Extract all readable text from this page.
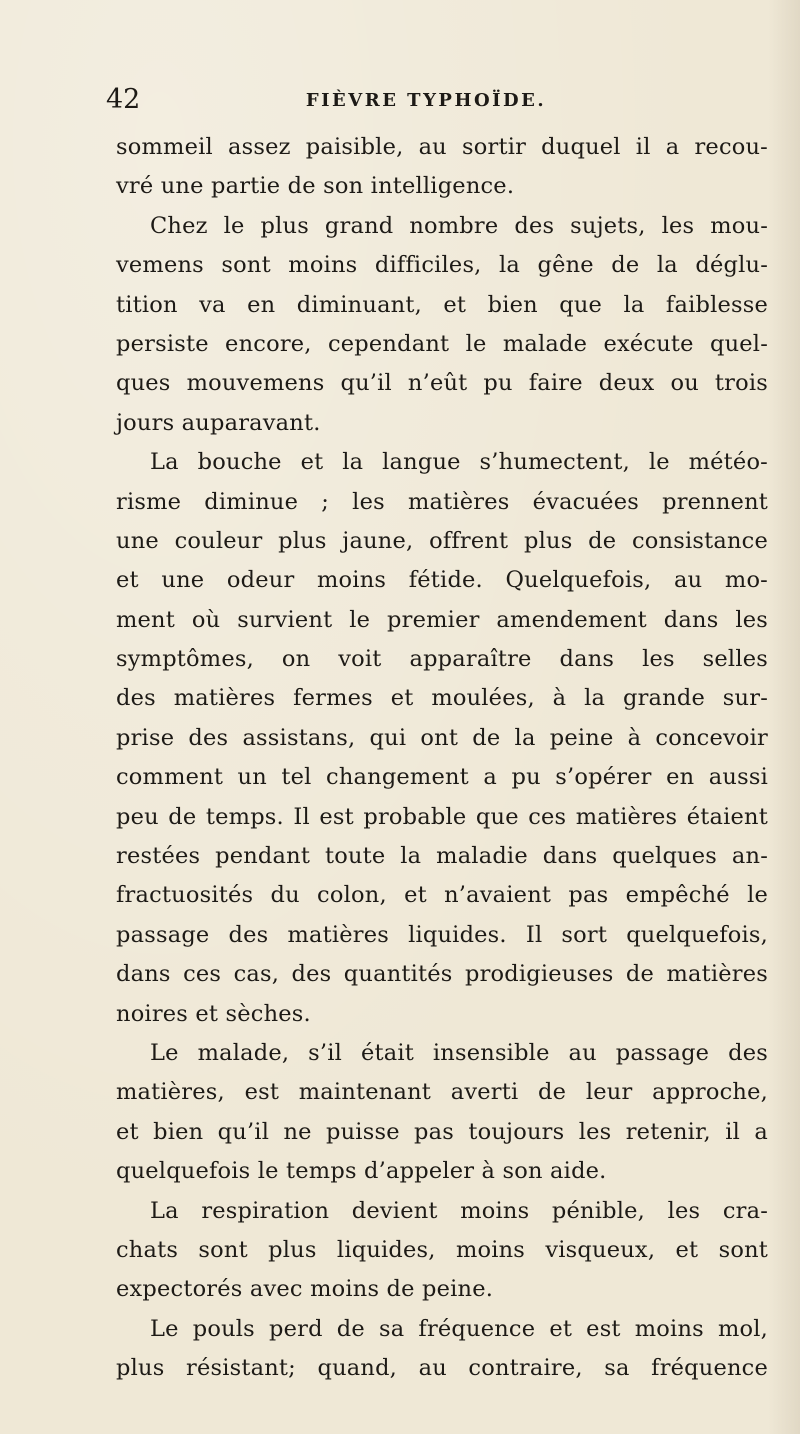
42	FIÈVRE TYPHOÏDE.
sommeil assez paisible, au sortir duquel il a recou-
vré une partie de son intelligence.
Chez le plus grand nombre des sujets, les mou-
vemens sont moins difficiles, la gêne de la déglu-
tition va en diminuant, et bien que la faiblesse
persiste encore, cependant le malade exécute quel-
ques mouvemens qu’il n’eût pu faire deux ou trois
jours auparavant.
La bouche et la langue s’humectent, le météo-
risme diminue ; les matières évacuées prennent
une couleur plus jaune, offrent plus de consistance
et une odeur moins fétide. Quelquefois, au mo-
ment où survient le premier amendement dans les
symptômes, on voit apparaître dans les selles
des matières fermes et moulées, à la grande sur-
prise des assistans, qui ont de la peine à concevoir
comment un tel changement a pu s’opérer en aussi
peu de temps. Il est probable que ces matières étaient
restées pendant toute la maladie dans quelques an-
fractuosités du colon, et n’avaient pas empêché le
passage des matières liquides. Il sort quelquefois,
dans ces cas, des quantités prodigieuses de matières
noires et sèches.
Le malade, s’il était insensible au passage des
matières, est maintenant averti de leur approche,
et bien qu’il ne puisse pas toujours les retenir, il a
quelquefois le temps d’appeler à son aide.
La respiration devient moins pénible, les cra-
chats sont plus liquides, moins visqueux, et sont
expectorés avec moins de peine.
Le pouls perd de sa fréquence et est moins mol,
plus résistant; quand, au contraire, sa fréquence
